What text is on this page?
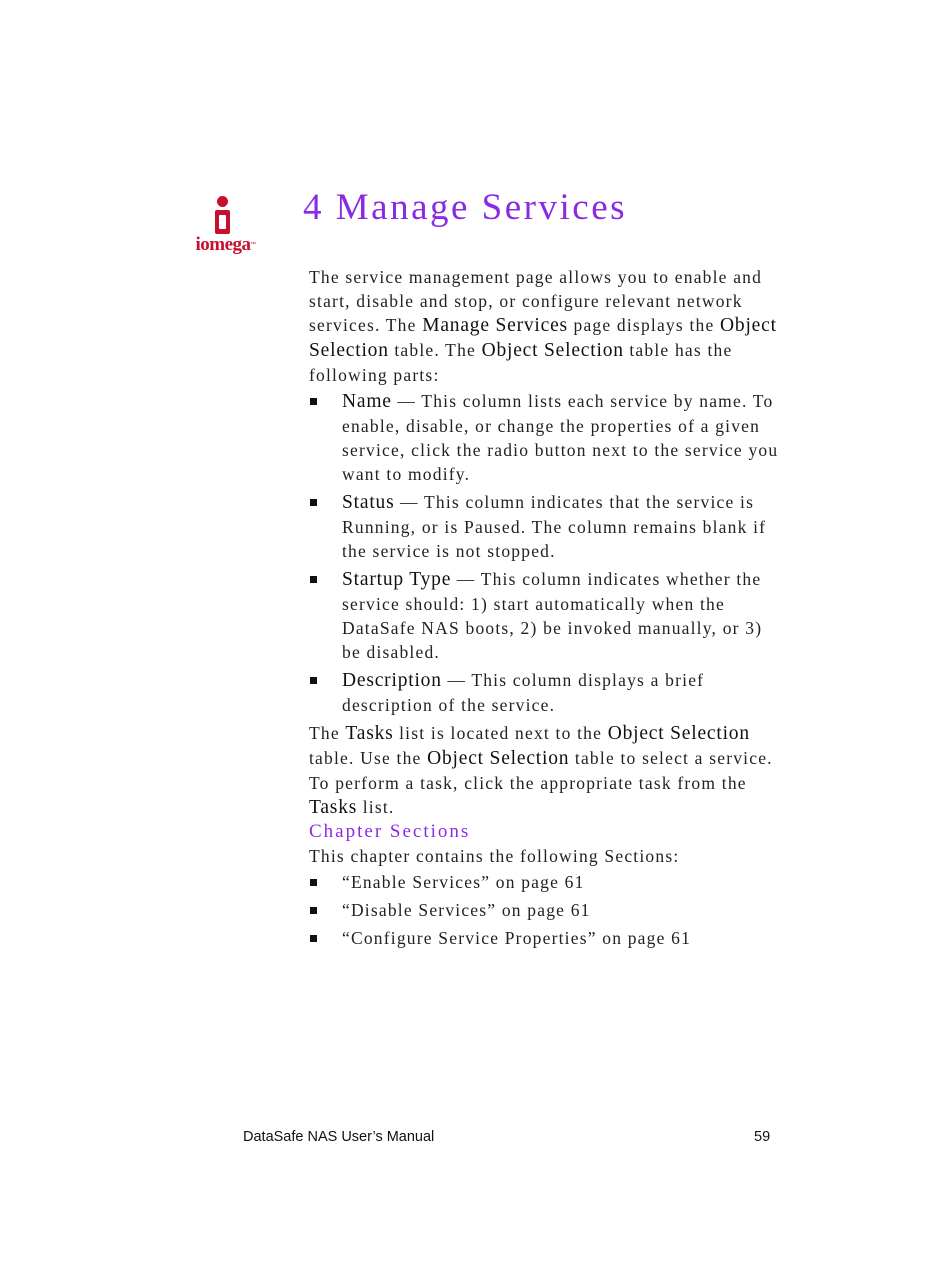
iomega ™
4 Manage Services

The service management page allows you to enable and start, disable and stop, or configure relevant network services. The Manage Services page displays the Object Selection table. The Object Selection table has the following parts:

Name — This column lists each service by name. To enable, disable, or change the properties of a given service, click the radio button next to the service you want to modify.
Status — This column indicates that the service is Running, or is Paused. The column remains blank if the service is not stopped.
Startup Type — This column indicates whether the service should: 1) start automatically when the DataSafe NAS boots, 2) be invoked manually, or 3) be disabled.
Description — This column displays a brief description of the service.

The Tasks list is located next to the Object Selection table. Use the Object Selection table to select a service. To perform a task, click the appropriate task from the Tasks list.

Chapter Sections

This chapter contains the following Sections:

“Enable Services” on page 61
“Disable Services” on page 61
“Configure Service Properties” on page 61
DataSafe NAS User’s Manual	59
